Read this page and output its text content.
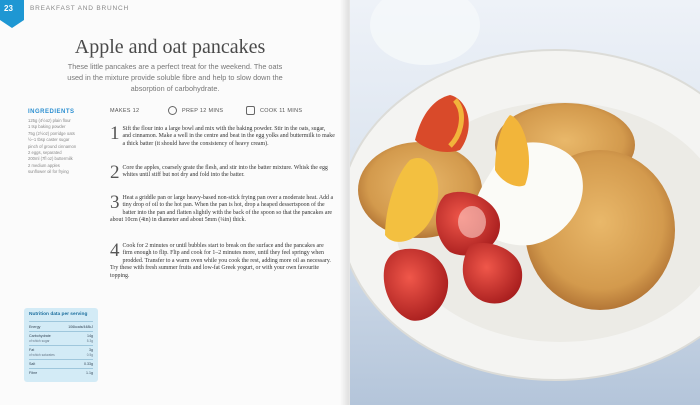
23	BREAKFAST AND BRUNCH
Apple and oat pancakes
These little pancakes are a perfect treat for the weekend. The oats used in the mixture provide soluble fibre and help to slow down the absorption of carbohydrate.
INGREDIENTS
125g (4½oz) plain flour
1 tsp baking powder
75g (2½oz) porridge oats
½–1 tbsp caster sugar
pinch of ground cinnamon
2 eggs, separated
200ml (7fl oz) buttermilk
2 medium apples
sunflower oil for frying
MAKES 12	PREP 12 MINS	COOK 11 MINS
1 Sift the flour into a large bowl and mix with the baking powder. Stir in the oats, sugar, and cinnamon. Make a well in the centre and beat in the egg yolks and buttermilk to make a thick batter (it should have the consistency of heavy cream).
2 Core the apples, coarsely grate the flesh, and stir into the batter mixture. Whisk the egg whites until stiff but not dry and fold into the batter.
3 Heat a griddle pan or large heavy-based non-stick frying pan over a moderate heat. Add a tiny drop of oil to the hot pan. When the pan is hot, drop a heaped dessertspoon of the batter into the pan and flatten slightly with the back of the spoon so that the pancakes are about 10cm (4in) in diameter and about 5mm (¼in) thick.
4 Cook for 2 minutes or until bubbles start to break on the surface and the pancakes are firm enough to flip. Flip and cook for 1–2 minutes more, until they feel springy when prodded. Transfer to a warm oven while you cook the rest, adding more oil as necessary. Try these with fresh summer fruits and low-fat Greek yogurt, or with your own favourite topping.
Nutrition data per serving
Energy	106kcals/448kJ
Carbohydrate	14g
of which sugar	5.3g
Fat	3g
of which saturates	0.5g
Salt	0.33g
Fibre	1.1g
